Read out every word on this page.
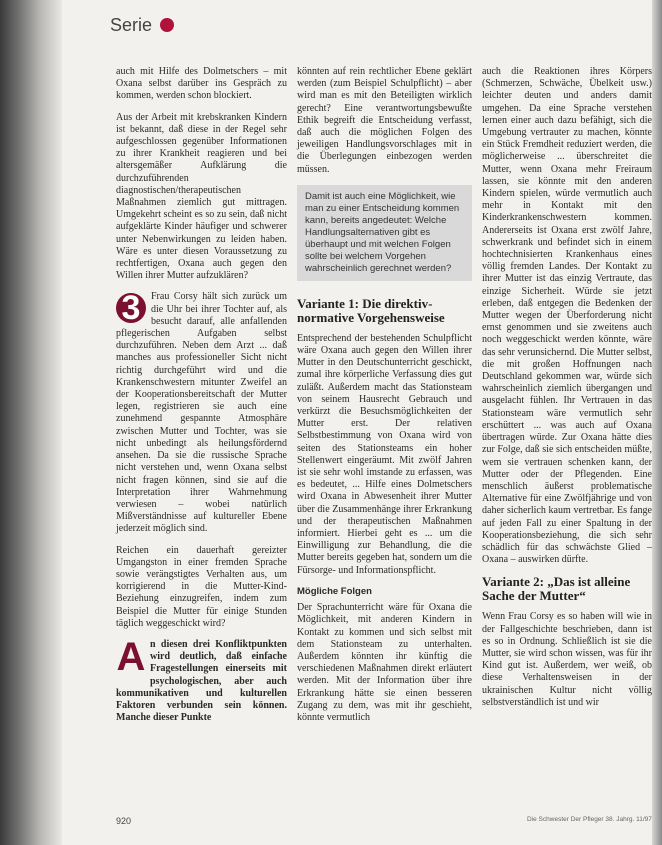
Serie

auch mit Hilfe des Dolmetschers – mit Oxana selbst darüber ins Gespräch zu kommen, werden schon blockiert.

Aus der Arbeit mit krebskranken Kindern ist bekannt, daß diese in der Regel sehr aufgeschlossen gegenüber Informationen zu ihrer Krankheit reagieren und bei altersgemäßer Aufklärung die durchzuführenden diagnostischen/therapeutischen Maßnahmen ziemlich gut mittragen. Umgekehrt scheint es so zu sein, daß nicht aufgeklärte Kinder häufiger und schwerer unter Nebenwirkungen zu leiden haben. Wäre es unter diesen Voraussetzung zu rechtfertigen, Oxana auch gegen den Willen ihrer Mutter aufzuklären?

3	Frau Corsy hält sich zurück um die Uhr bei ihrer Tochter auf, als besucht darauf, alle anfallenden pflegerischen Aufgaben selbst durchzuführen. Neben dem Arzt ... daß manches aus professioneller Sicht nicht richtig durchgeführt wird und die Krankenschwestern mitunter Zweifel an der Kooperationsbereitschaft der Mutter legen, registrieren sie auch eine zunehmend gespannte Atmosphäre zwischen Mutter und Tochter, was sie nicht unbedingt als heilungsfördernd ansehen. Da sie die russische Sprache nicht verstehen und, wenn Oxana selbst nicht fragen können, sind sie auf die Interpretation ihrer Wahrnehmung verwiesen – wobei natürlich Mißverständnisse auf kultureller Ebene jederzeit möglich sind.

Reichen ein dauerhaft gereizter Umgangston in einer fremden Sprache sowie verängstigtes Verhalten aus, um korrigierend in die Mutter-Kind-Beziehung einzugreifen, indem zum Beispiel die Mutter für einige Stunden täglich weggeschickt wird?

An diesen drei Konfliktpunkten wird deutlich, daß einfache Fragestellungen einerseits mit psychologischen, aber auch kommunikativen und kulturellen Faktoren verbunden sein können. Manche dieser Punkte

könnten auf rein rechtlicher Ebene geklärt werden (zum Beispiel Schulpflicht) – aber wird man es mit den Beteiligten wirklich gerecht? Eine verantwortungsbewußte Ethik begreift die Entscheidung verfasst, daß auch die möglichen Folgen des jeweiligen Handlungsvorschlages mit in die Überlegungen einbezogen werden müssen.

Damit ist auch eine Möglichkeit, wie man zu einer Entscheidung kommen kann, bereits angedeutet: Welche Handlungsalternativen gibt es überhaupt und mit welchen Folgen sollte bei welchem Vorgehen wahrscheinlich gerechnet werden?
Variante 1: Die direktiv-normative Vorgehensweise

Entsprechend der bestehenden Schulpflicht wäre Oxana auch gegen den Willen ihrer Mutter in den Deutschunterricht geschickt, zumal ihre körperliche Verfassung dies gut zuläßt. Außerdem macht das Stationsteam von seinem Hausrecht Gebrauch und verkürzt die Besuchsmöglichkeiten der Mutter erst. Der relativen Selbstbestimmung von Oxana wird von seiten des Stationsteams ein hoher Stellenwert eingeräumt. Mit zwölf Jahren ist sie sehr wohl imstande zu erfassen, was es bedeutet, ... Hilfe eines Dolmetschers wird Oxana in Abwesenheit ihrer Mutter über die Zusammenhänge ihrer Erkrankung und der therapeutischen Maßnahmen informiert. Hierbei geht es ... um die Einwilligung zur Behandlung, die die Mutter bereits gegeben hat, sondern um die Fürsorge- und Informationspflicht.

Mögliche Folgen

Der Sprachunterricht wäre für Oxana die Möglichkeit, mit anderen Kindern in Kontakt zu kommen und sich selbst mit dem Stationsteam zu unterhalten. Außerdem könnten ihr künftig die verschiedenen Maßnahmen direkt erläutert werden. Mit der Information über ihre Erkrankung hätte sie einen besseren Zugang zu dem, was mit ihr geschieht, könnte vermutlich

auch die Reaktionen ihres Körpers (Schmerzen, Schwäche, Übelkeit usw.) leichter deuten und anders damit umgehen. Da eine Sprache verstehen lernen einer auch dazu befähigt, sich die Umgebung vertrauter zu machen, könnte ein Stück Fremdheit reduziert werden, die möglicherweise ... überschreitet die Mutter, wenn Oxana mehr Freiraum lassen, sie könnte mit den anderen Kindern spielen, würde vermutlich auch mehr in Kontakt mit den Kinderkrankenschwestern kommen. Andererseits ist Oxana erst zwölf Jahre, schwerkrank und befindet sich in einem hochtechnisierten Krankenhaus eines völlig fremden Landes. Der Kontakt zu ihrer Mutter ist das einzig Vertraute, das einzige Sicherheit. Würde sie jetzt erleben, daß entgegen die Bedenken der Mutter wegen der Überforderung nicht ernst genommen und sie zweitens auch noch weggeschickt werden könnte, wäre das sehr verunsichernd. Die Mutter selbst, die mit großen Hoffnungen nach Deutschland gekommen war, würde sich wahrscheinlich ziemlich übergangen und ausgelacht fühlen. Ihr Vertrauen in das Stationsteam wäre vermutlich sehr erschüttert ... was auch auf Oxana übertragen würde. Zur Oxana hätte dies zur Folge, daß sie sich entscheiden müßte, wem sie vertrauen schenken kann, der Mutter oder der Pflegenden. Eine menschlich äußerst problematische Alternative für eine Zwölfjährige und von daher sicherlich kaum vertretbar. Es fange auf jeden Fall zu einer Spaltung in der Kooperationsbeziehung, die sich sehr schädlich für das schwächste Glied – Oxana – auswirken dürfte.

Variante 2: „Das ist alleine Sache der Mutter“

Wenn Frau Corsy es so haben will wie in der Fallgeschichte beschrieben, dann ist es so in Ordnung. Schließlich ist sie die Mutter, sie wird schon wissen, was für ihr Kind gut ist. Außerdem, wer weiß, ob diese Verhaltensweisen in der ukrainischen Kultur nicht völlig selbstverständlich ist und wir

920	Die Schwester Der Pfleger 38. Jahrg. 11/97
